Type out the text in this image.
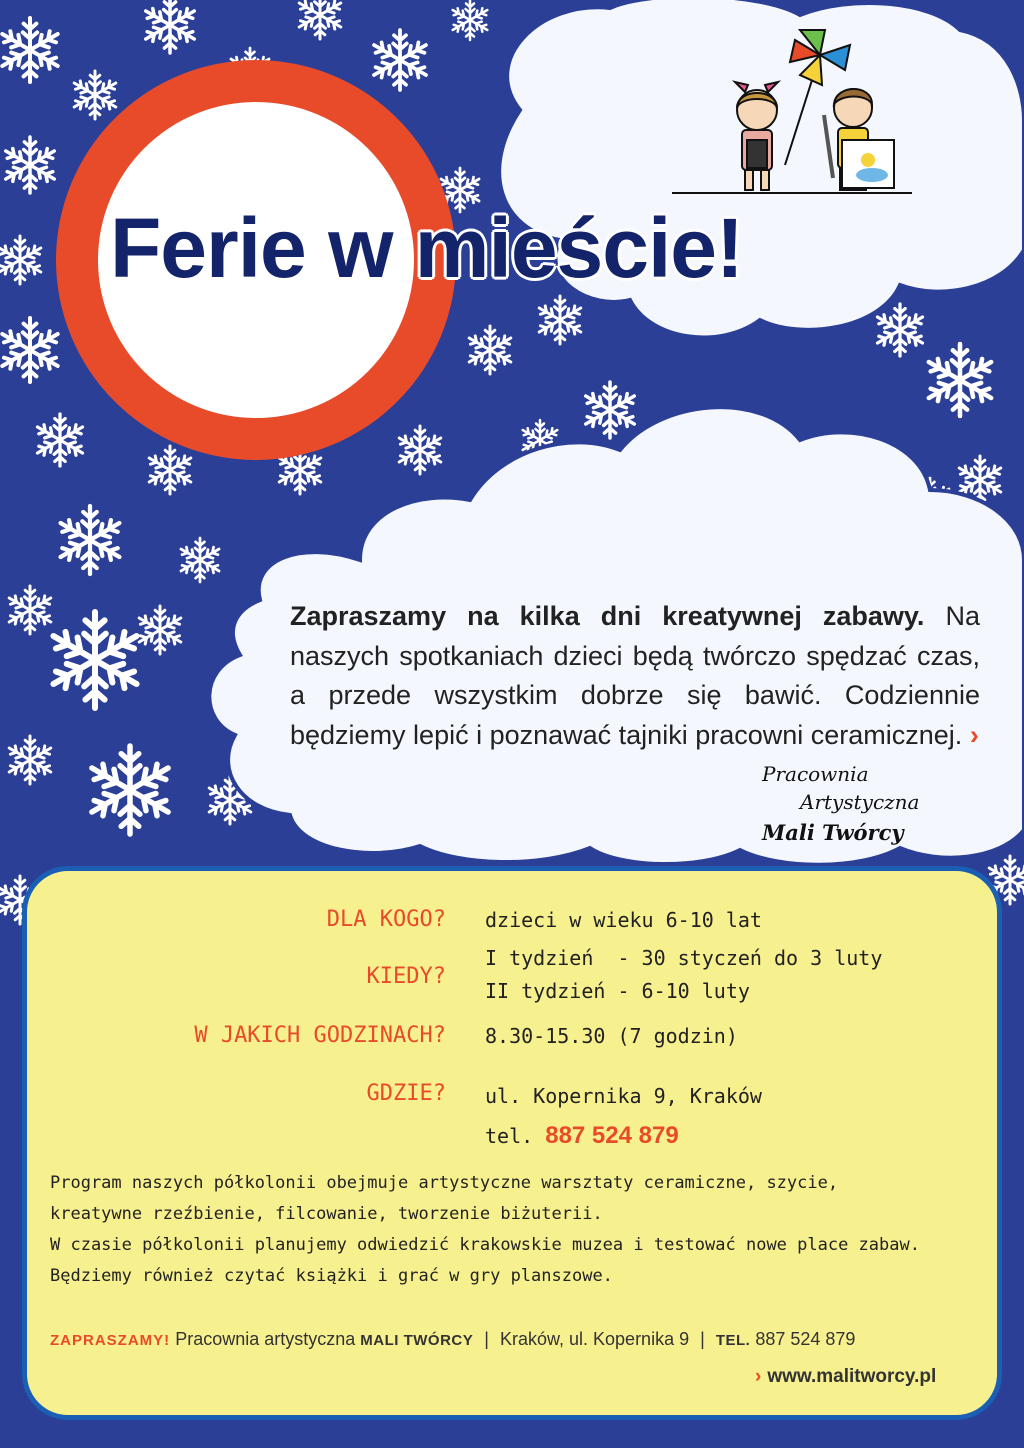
Ferie w mieście!
Zapraszamy na kilka dni kreatywnej zabawy. Na naszych spotkaniach dzieci będą twórczo spędzać czas, a przede wszystkim dobrze się bawić. Codziennie będziemy lepić i poznawać tajniki pracowni ceramicznej. ›
Pracownia
Artystyczna
Mali Twórcy
DLA KOGO? dzieci w wieku 6-10 lat
KIEDY?
I tydzień  - 30 styczeń do 3 luty
II tydzień - 6-10 luty
W JAKICH GODZINACH? 8.30-15.30 (7 godzin)
GDZIE? ul. Kopernika 9, Kraków
tel. 887 524 879

Program naszych półkolonii obejmuje artystyczne warsztaty ceramiczne, szycie,

kreatywne rzeźbienie, filcowanie, tworzenie biżuterii.

W czasie półkolonii planujemy odwiedzić krakowskie muzea i testować nowe place zabaw.

Będziemy również czytać książki i grać w gry planszowe.

ZAPRASZAMY! Pracownia artystyczna MALI TWÓRCY | Kraków, ul. Kopernika 9 | TEL. 887 524 879
› www.malitworcy.pl
